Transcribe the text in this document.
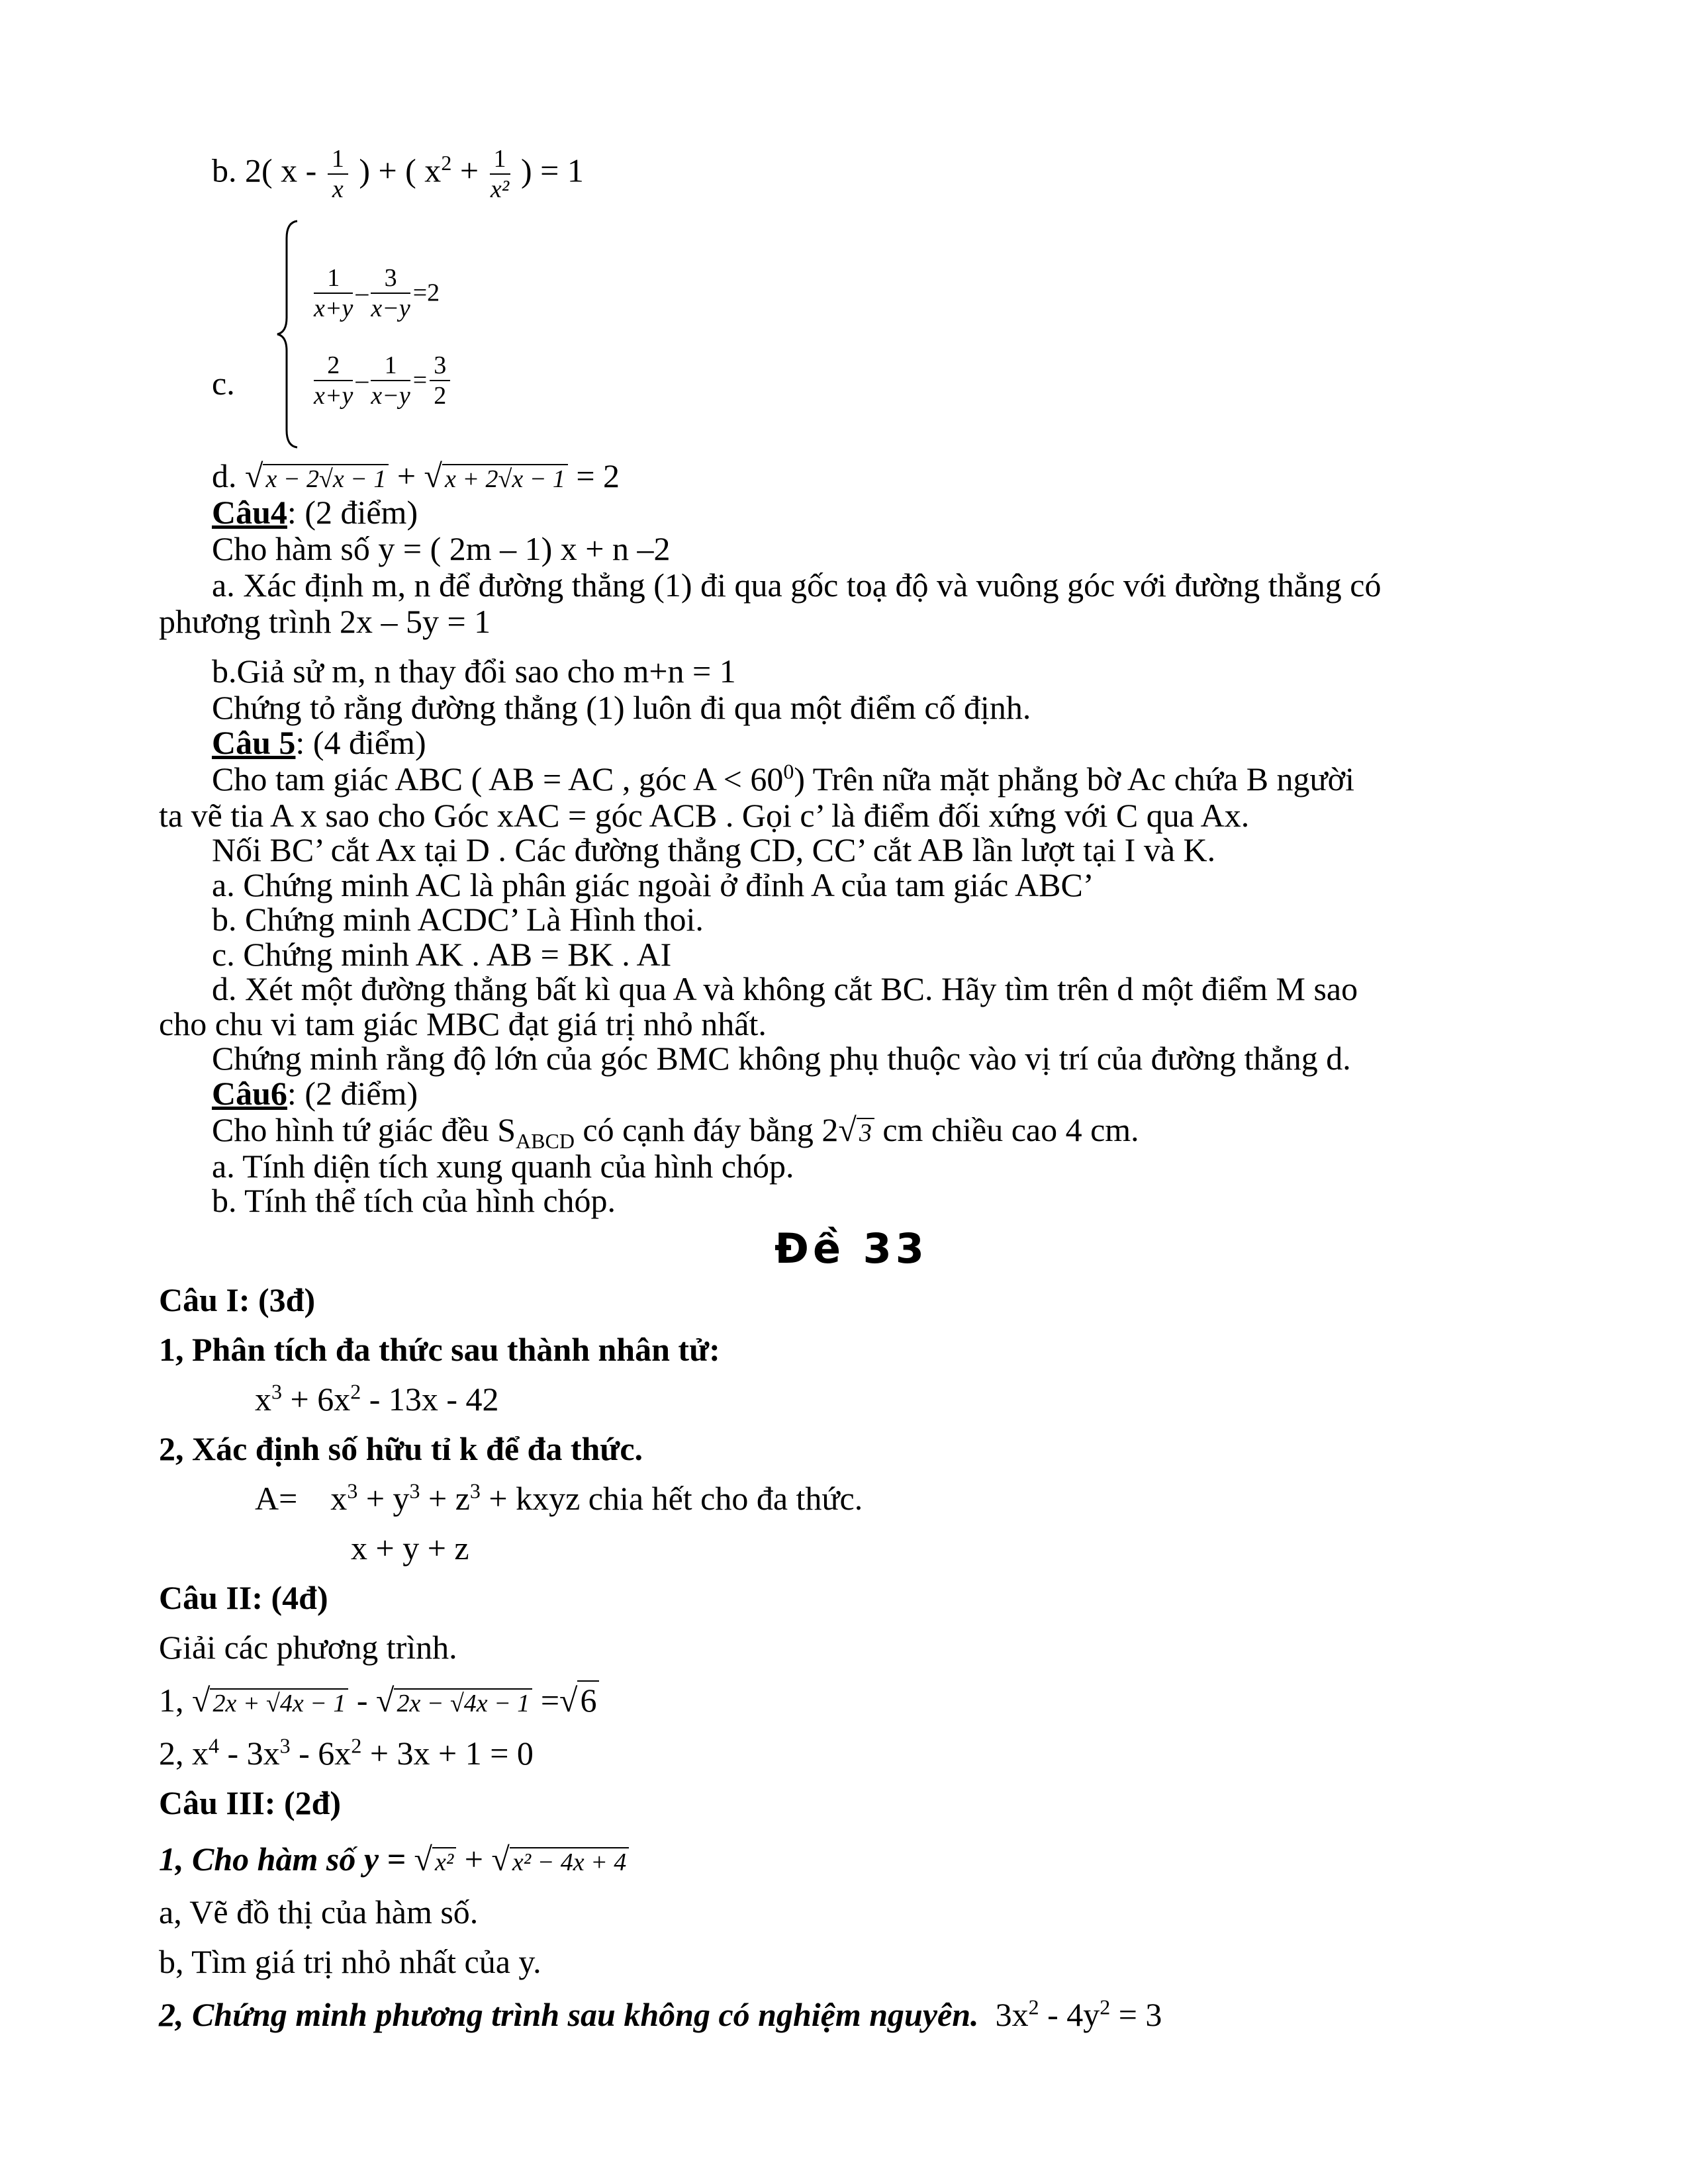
b. 2( x - $\frac{1}{x}$ ) + ( $x^2 + \frac{1}{\text{x²}}$ ) = 1
c.
$\frac{1}{x+y} - \frac{3}{x-y} =2$
$\frac{2}{x+y} - \frac{1}{x-y} = \frac{3}{2}$
d. √ x − 2√x − 1 + √ x + 2√x − 1 = 2
Câu4: (2 điểm)
Cho hàm số y = ( 2m – 1) x + n –2
a. Xác định m, n để đường thẳng (1) đi qua gốc toạ độ và vuông góc với đường thẳng có
phương trình 2x – 5y = 1
b.Giả sử m, n thay đổi sao cho m+n = 1
Chứng tỏ rằng đường thẳng (1) luôn đi qua một điểm cố định.
Câu 5: (4 điểm)
Cho tam giác ABC ( AB = AC , góc $A < 60^0$) Trên nữa mặt phẳng bờ Ac chứa B người
ta vẽ tia A x sao cho Góc xAC = góc ACB . Gọi c’ là điểm đối xứng với C qua Ax.
Nối BC’ cắt Ax tại D . Các đường thẳng CD, CC’ cắt AB lần lượt tại I và K.
a. Chứng minh AC là phân giác ngoài ở đỉnh A của tam giác ABC’
b. Chứng minh ACDC’ Là Hình thoi.
c. Chứng minh AK . AB = BK . AI
d. Xét một đường thẳng bất kì qua A và không cắt BC. Hãy tìm trên d một điểm M sao
cho chu vi tam giác MBC đạt giá trị nhỏ nhất.
Chứng minh rằng độ lớn của góc BMC không phụ thuộc vào vị trí của đường thẳng d.
Câu6: (2 điểm)
Cho hình tứ giác đều $S_{ABCD}$ có cạnh đáy bằng 2√ 3 cm chiều cao 4 cm.
a. Tính diện tích xung quanh của hình chóp.
b. Tính thể tích của hình chóp.
Đề 33
Câu I: (3đ)
1, Phân tích đa thức sau thành nhân tử:
$x^3 + 6x^2 - 13x - 42$
2, Xác định số hữu tỉ k để đa thức.
A=    $x^3 + y^3 + z^3$ + kxyz chia hết cho đa thức.
x + y + z
Câu II: (4đ)
Giải các phương trình.
1, √ 2x + √4x − 1 - √ 2x − √4x − 1 =√6
2, $x^4 - 3x^3 - 6x^2 + 3x + 1 = 0$
Câu III: (2đ)
1, Cho hàm số y = √ x² + √ x² − 4x + 4
a, Vẽ đồ thị của hàm số.
b, Tìm giá trị nhỏ nhất của y.
2, Chứng minh phương trình sau không có nghiệm nguyên. $3x^2 - 4y^2 = 3$
